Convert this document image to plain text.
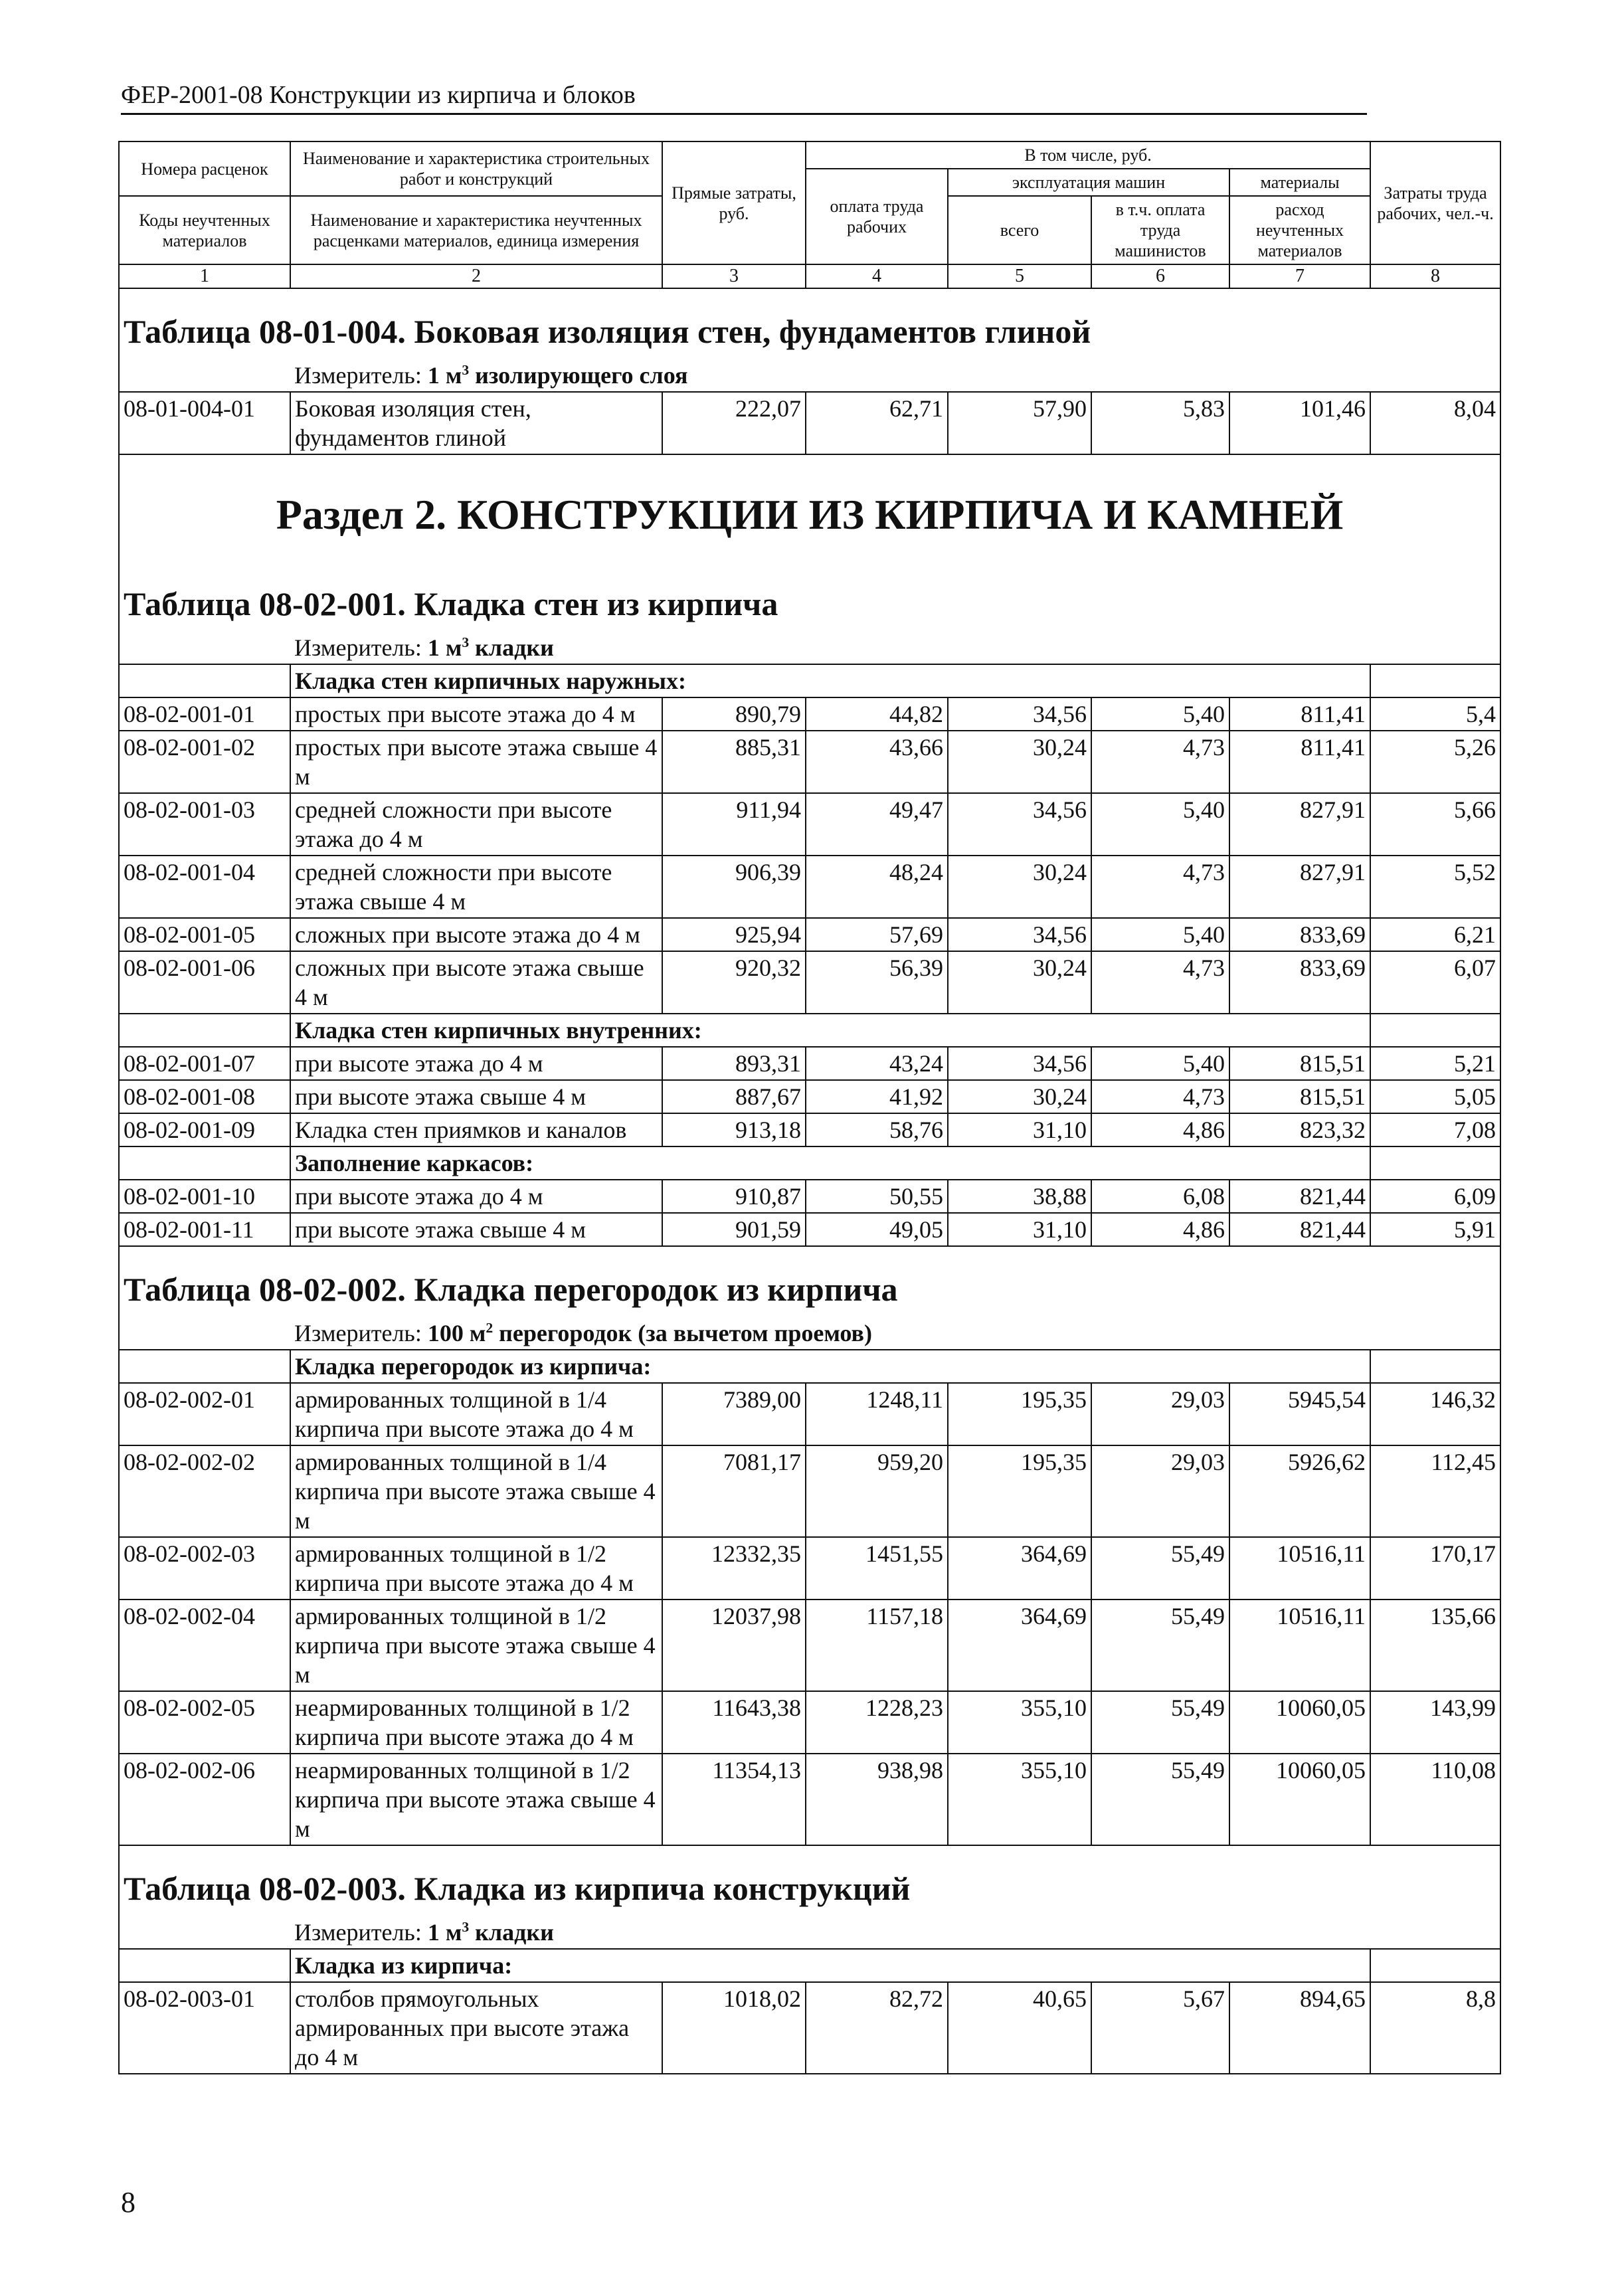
ФЕР-2001-08 Конструкции из кирпича и блоков
Номера расценок	Наименование и характеристика строительных работ и конструкций	Прямые затраты, руб.	В том числе, руб.				Затраты труда рабочих, чел.-ч.
			оплата труда рабочих	эксплуатация машин		материалы	
Коды неучтенных материалов	Наименование и характеристика неучтенных расценками материалов, единица измерения			всего	в т.ч. оплата труда машинистов	расход неучтенных материалов	

1	2	3	4	5	6	7	8
Таблица 08-01-004. Боковая изоляция стен, фундаментов глиной							
	Измеритель: 1 $м^3$ изолирующего слоя						
08-01-004-01	Боковая изоляция стен, фундаментов глиной	222,07	62,71	57,90	5,83	101,46	8,04
Раздел 2. КОНСТРУКЦИИ ИЗ КИРПИЧА И КАМНЕЙ							
Таблица 08-02-001. Кладка стен из кирпича							
	Измеритель: 1 $м^3$ кладки						
	Кладка стен кирпичных наружных:						
08-02-001-01	простых при высоте этажа до 4 м	890,79	44,82	34,56	5,40	811,41	5,4
08-02-001-02	простых при высоте этажа свыше 4 м	885,31	43,66	30,24	4,73	811,41	5,26
08-02-001-03	средней сложности при высоте этажа до 4 м	911,94	49,47	34,56	5,40	827,91	5,66
08-02-001-04	средней сложности при высоте этажа свыше 4 м	906,39	48,24	30,24	4,73	827,91	5,52
08-02-001-05	сложных при высоте этажа до 4 м	925,94	57,69	34,56	5,40	833,69	6,21
08-02-001-06	сложных при высоте этажа свыше 4 м	920,32	56,39	30,24	4,73	833,69	6,07
	Кладка стен кирпичных внутренних:						
08-02-001-07	при высоте этажа до 4 м	893,31	43,24	34,56	5,40	815,51	5,21
08-02-001-08	при высоте этажа свыше 4 м	887,67	41,92	30,24	4,73	815,51	5,05
08-02-001-09	Кладка стен приямков и каналов	913,18	58,76	31,10	4,86	823,32	7,08
	Заполнение каркасов:						
08-02-001-10	при высоте этажа до 4 м	910,87	50,55	38,88	6,08	821,44	6,09
08-02-001-11	при высоте этажа свыше 4 м	901,59	49,05	31,10	4,86	821,44	5,91
Таблица 08-02-002. Кладка перегородок из кирпича							
	Измеритель: 100 $м^2$ перегородок (за вычетом проемов)						
	Кладка перегородок из кирпича:						
08-02-002-01	армированных толщиной в 1/4 кирпича при высоте этажа до 4 м	7389,00	1248,11	195,35	29,03	5945,54	146,32
08-02-002-02	армированных толщиной в 1/4 кирпича при высоте этажа свыше 4 м	7081,17	959,20	195,35	29,03	5926,62	112,45
08-02-002-03	армированных толщиной в 1/2 кирпича при высоте этажа до 4 м	12332,35	1451,55	364,69	55,49	10516,11	170,17
08-02-002-04	армированных толщиной в 1/2 кирпича при высоте этажа свыше 4 м	12037,98	1157,18	364,69	55,49	10516,11	135,66
08-02-002-05	неармированных толщиной в 1/2 кирпича при высоте этажа до 4 м	11643,38	1228,23	355,10	55,49	10060,05	143,99
08-02-002-06	неармированных толщиной в 1/2 кирпича при высоте этажа свыше 4 м	11354,13	938,98	355,10	55,49	10060,05	110,08
Таблица 08-02-003. Кладка из кирпича конструкций							
	Измеритель: 1 $м^3$ кладки						
	Кладка из кирпича:						
08-02-003-01	столбов прямоугольных армированных при высоте этажа до 4 м	1018,02	82,72	40,65	5,67	894,65	8,8
8
